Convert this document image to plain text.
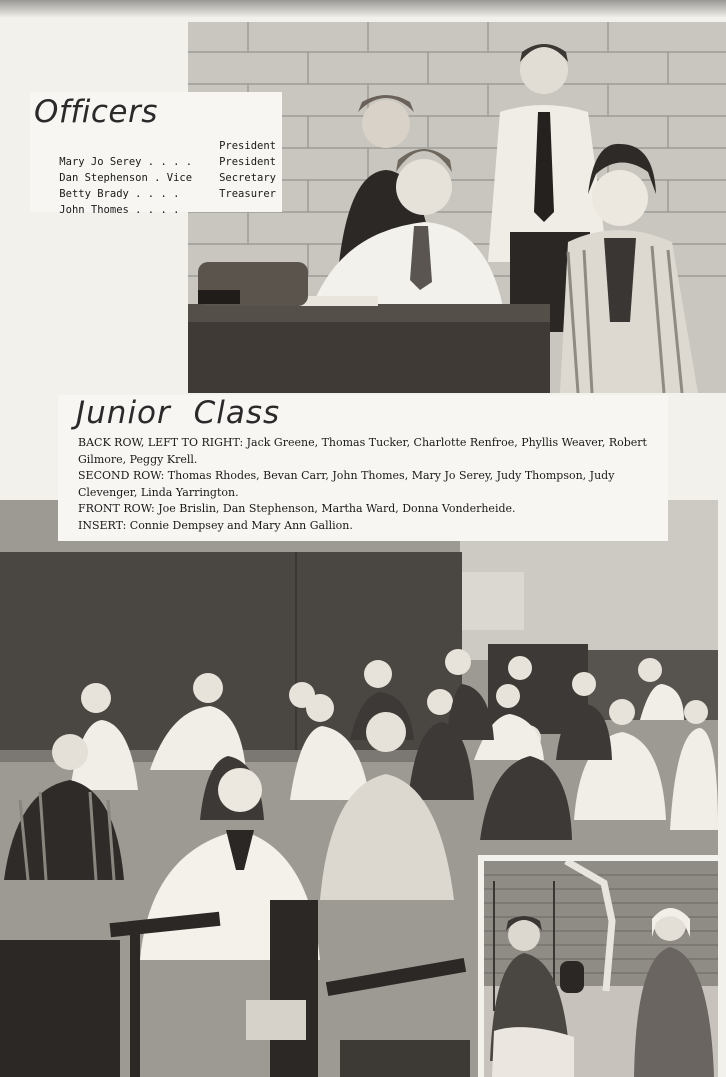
Officers

Mary Jo Serey . . . .

President

Dan Stephenson . Vice

President

Betty Brady . . . .

Secretary

John Thomes . . . .

Treasurer

Junior Class

BACK ROW, LEFT TO RIGHT: Jack Greene, Thomas Tucker, Charlotte Renfroe, Phyllis Weaver, Robert Gilmore, Peggy Krell.

SECOND ROW: Thomas Rhodes, Bevan Carr, John Thomes, Mary Jo Serey, Judy Thompson, Judy Clevenger, Linda Yarrington.

FRONT ROW: Joe Brislin, Dan Stephenson, Martha Ward, Donna Vonderheide.

INSERT: Connie Dempsey and Mary Ann Gallion.
